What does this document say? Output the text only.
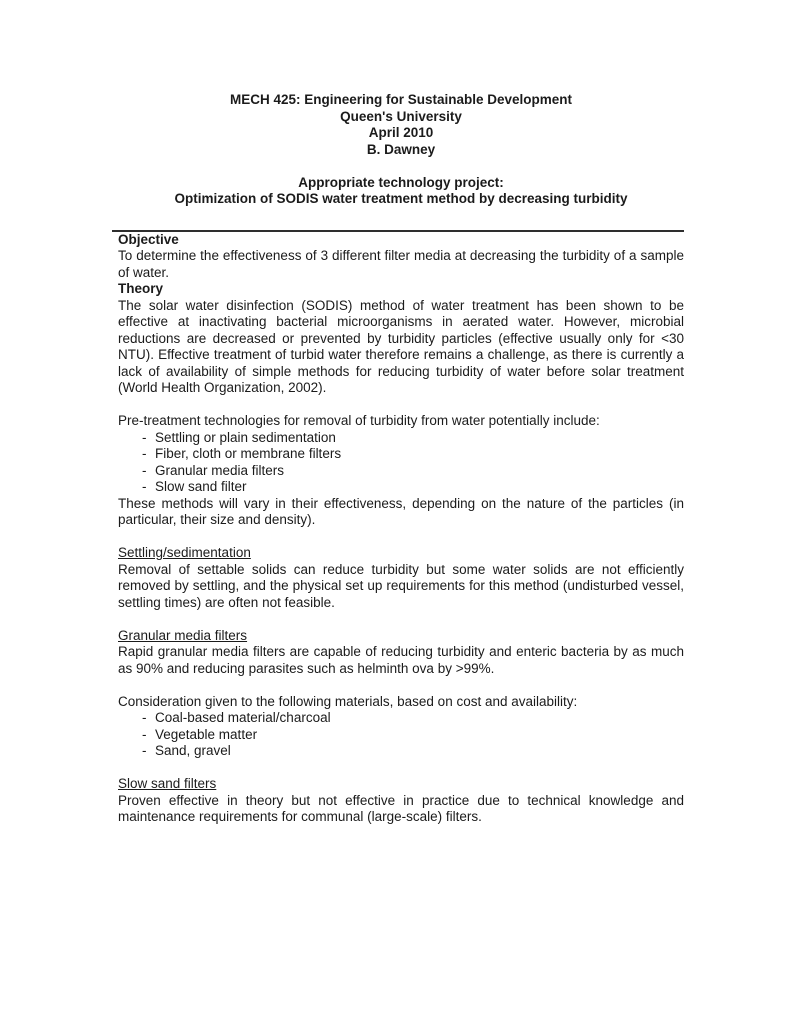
MECH 425: Engineering for Sustainable Development

Queen's University

April 2010

B. Dawney

Appropriate technology project:

Optimization of SODIS water treatment method by decreasing turbidity

Objective

To determine the effectiveness of 3 different filter media at decreasing the turbidity of a sample of water.

Theory

The solar water disinfection (SODIS) method of water treatment has been shown to be effective at inactivating bacterial microorganisms in aerated water. However, microbial reductions are decreased or prevented by turbidity particles (effective usually only for <30 NTU). Effective treatment of turbid water therefore remains a challenge, as there is currently a lack of availability of simple methods for reducing turbidity of water before solar treatment (World Health Organization, 2002).

Pre-treatment technologies for removal of turbidity from water potentially include:

- Settling or plain sedimentation
- Fiber, cloth or membrane filters
- Granular media filters
- Slow sand filter

These methods will vary in their effectiveness, depending on the nature of the particles (in particular, their size and density).

Settling/sedimentation

Removal of settable solids can reduce turbidity but some water solids are not efficiently removed by settling, and the physical set up requirements for this method (undisturbed vessel, settling times) are often not feasible.

Granular media filters

Rapid granular media filters are capable of reducing turbidity and enteric bacteria by as much as 90% and reducing parasites such as helminth ova by >99%.

Consideration given to the following materials, based on cost and availability:

- Coal-based material/charcoal
- Vegetable matter
- Sand, gravel
Slow sand filters

Proven effective in theory but not effective in practice due to technical knowledge and maintenance requirements for communal (large-scale) filters.
